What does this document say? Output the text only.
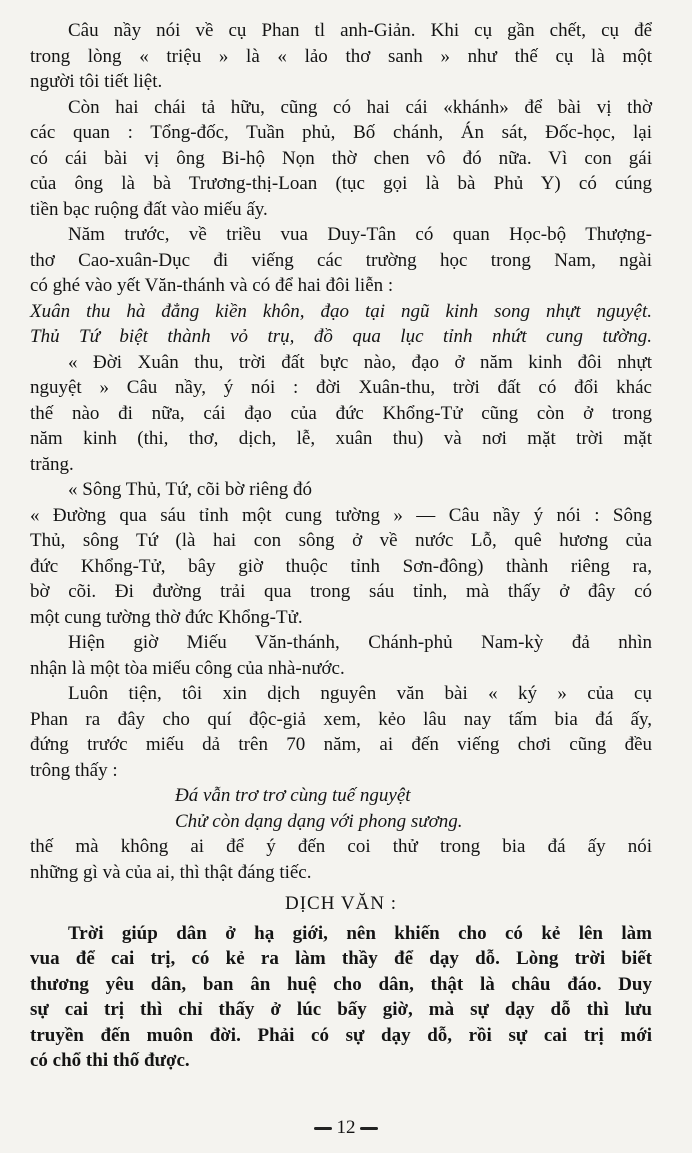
Câu nầy nói về cụ Phan tl anh-Giản. Khi cụ gần chết, cụ để
trong lòng « triệu » là « lảo thơ sanh » như thế cụ là một
người tôi tiết liệt.

Còn hai chái tả hữu, cũng có hai cái «khánh» để bài vị thờ
các quan : Tổng-đốc, Tuần phủ, Bố chánh, Án sát, Đốc-học, lại
có cái bài vị ông Bi-hộ Nọn thờ chen vô đó nữa. Vì con gái
của ông là bà Trương-thị-Loan (tục gọi là bà Phủ Y) có cúng
tiền bạc ruộng đất vào miếu ấy.

Năm trước, về triều vua Duy-Tân có quan Học-bộ Thượng-
thơ Cao-xuân-Dục đi viếng các trường học trong Nam, ngài
có ghé vào yết Văn-thánh và có để hai đôi liễn :

Xuân thu hà đẳng kiền khôn, đạo tại ngũ kinh song nhựt nguyệt.
Thủ Tứ biệt thành vỏ trụ, đồ qua lục tỉnh nhứt cung tường.

« Đời Xuân thu, trời đất bực nào, đạo ở năm kinh đôi nhựt
nguyệt » Câu nầy, ý nói : đời Xuân-thu, trời đất có đổi khác
thế nào đi nữa, cái đạo của đức Khổng-Tử cũng còn ở trong
năm kinh (thi, thơ, dịch, lễ, xuân thu) và nơi mặt trời mặt
trăng.

« Sông Thủ, Tứ, cõi bờ riêng đó
« Đường qua sáu tỉnh một cung tường » — Câu nầy ý nói : Sông
Thủ, sông Tứ (là hai con sông ở về nước Lỗ, quê hương của
đức Khổng-Tử, bây giờ thuộc tỉnh Sơn-đông) thành riêng ra,
bờ cõi. Đi đường trải qua trong sáu tỉnh, mà thấy ở đây có
một cung tường thờ đức Khổng-Tử.

Hiện giờ Miếu Văn-thánh, Chánh-phủ Nam-kỳ đả nhìn
nhận là một tòa miếu công của nhà-nước.

Luôn tiện, tôi xin dịch nguyên văn bài « ký » của cụ
Phan ra đây cho quí độc-giả xem, kẻo lâu nay tấm bia đá ấy,
đứng trước miếu dả trên 70 năm, ai đến viếng chơi cũng đều
trông thấy :

Đá vẫn trơ trơ cùng tuế nguyệt
Chử còn dạng dạng với phong sương.

thế mà không ai để ý đến coi thử trong bia đá ấy nói
những gì và của ai, thì thật đáng tiếc.

DỊCH VĂN :

Trời giúp dân ở hạ giới, nên khiến cho có kẻ lên làm
vua để cai trị, có kẻ ra làm thầy để dạy dỗ. Lòng trời biết
thương yêu dân, ban ân huệ cho dân, thật là châu đáo. Duy
sự cai trị thì chỉ thấy ở lúc bấy giờ, mà sự dạy dỗ thì lưu
truyền đến muôn đời. Phải có sự dạy dỗ, rồi sự cai trị mới
có chổ thi thố được.

12
